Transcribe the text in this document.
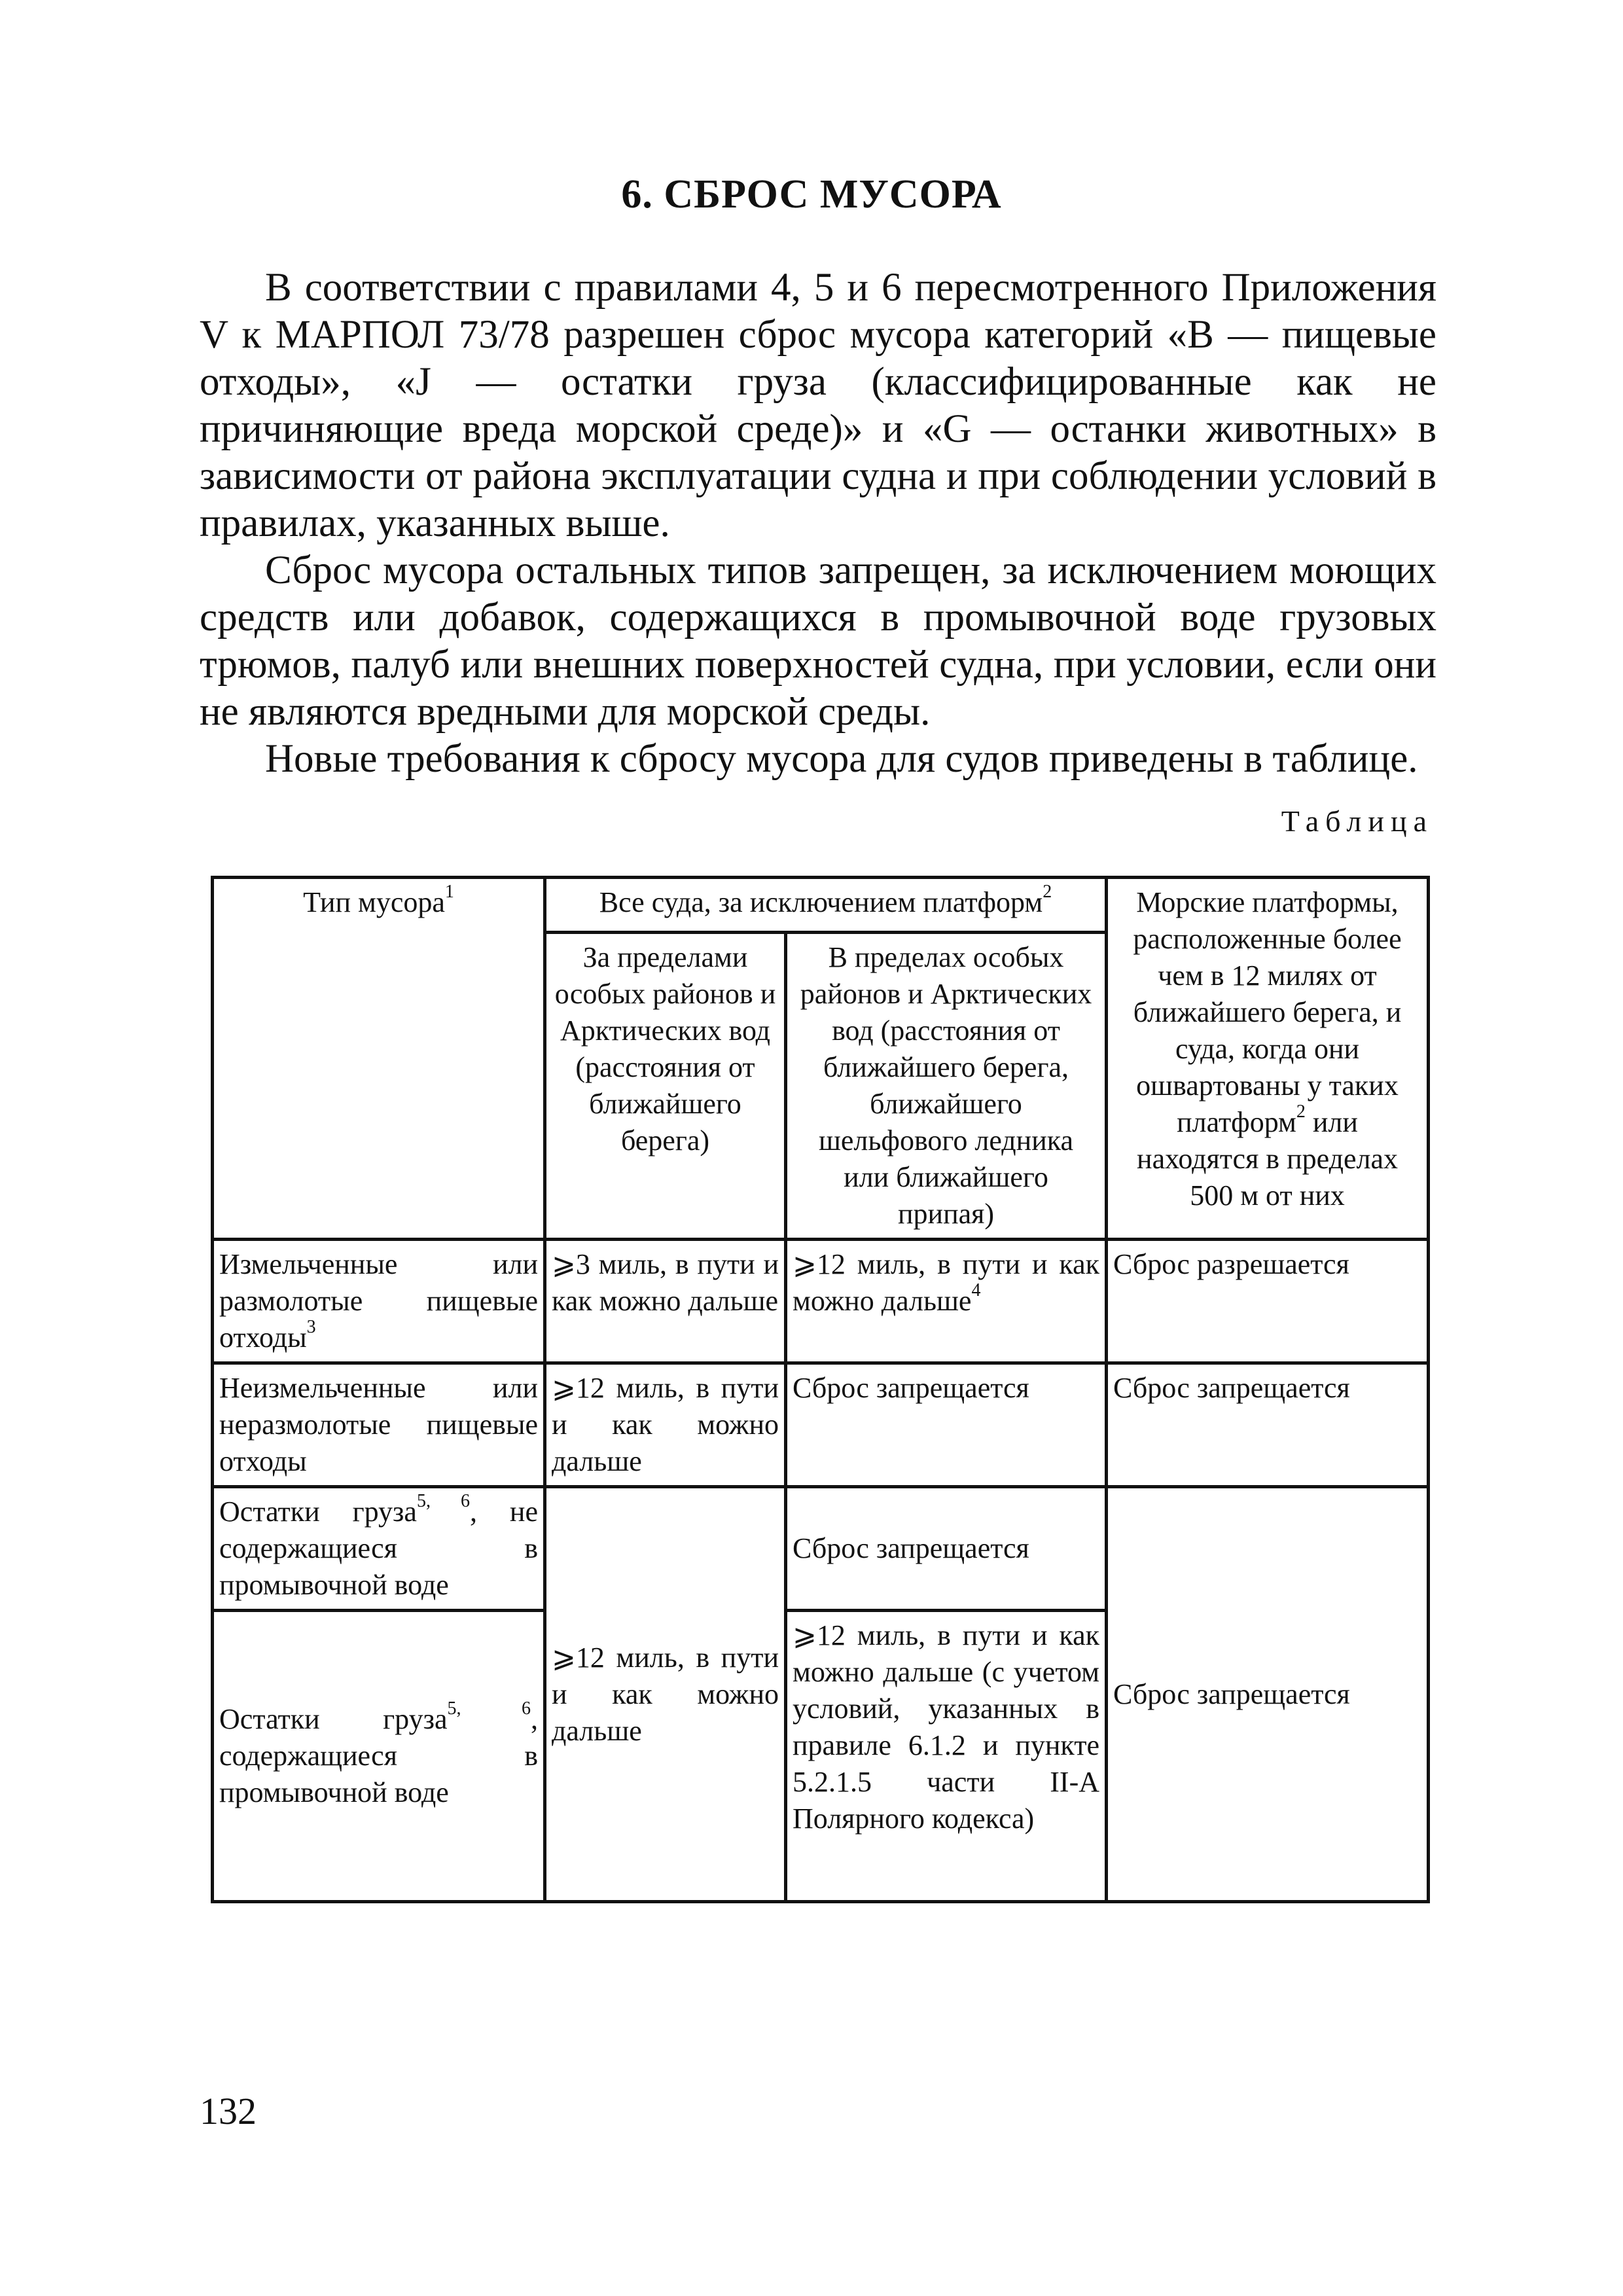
6. СБРОС МУСОРА

В соответствии с правилами 4, 5 и 6 пересмотренного Приложения V к МАРПОЛ 73/78 разрешен сброс мусора категорий «В — пищевые отходы», «J — остатки груза (классифицированные как не причиняющие вреда морской среде)» и «G — останки животных» в зависимости от района эксплуатации судна и при соблюдении условий в правилах, указанных выше.

Сброс мусора остальных типов запрещен, за исключением моющих средств или добавок, содержащихся в промывочной воде грузовых трюмов, палуб или внешних поверхностей судна, при условии, если они не являются вредными для морской среды.

Новые требования к сбросу мусора для судов приведены в таблице.

Таблица
Тип мусора$^1$	Все суда, за исключением платформ$^2$		Морские платформы, расположенные более чем в 12 милях от ближайшего берега, и суда, когда они ошвартованы у таких платформ$^2$ или находятся в пределах 500 м от них
	За пределами особых районов и Арктических вод (расстояния от ближайшего берега)	В пределах особых районов и Арктических вод (расстояния от ближайшего берега, ближайшего шельфового ледника или ближайшего припая)	
Измельченные или размолотые пищевые отходы$^3$	⩾3 миль, в пути и как можно дальше	⩾12 миль, в пути и как можно дальше$^4$	Сброс разрешается
Неизмельченные или неразмолотые пищевые отходы	⩾12 миль, в пути и как можно дальше	Сброс запрещается	Сброс запрещается
Остатки груза$^{5, 6}$, не содержащиеся в промывочной воде	⩾12 миль, в пути и как можно дальше	Сброс запрещается	Сброс запрещается
Остатки груза$^{5, 6}$, содержащиеся в промывочной воде		⩾12 миль, в пути и как можно дальше (с учетом условий, указанных в правиле 6.1.2 и пункте 5.2.1.5 части II-А Полярного кодекса)	
132
